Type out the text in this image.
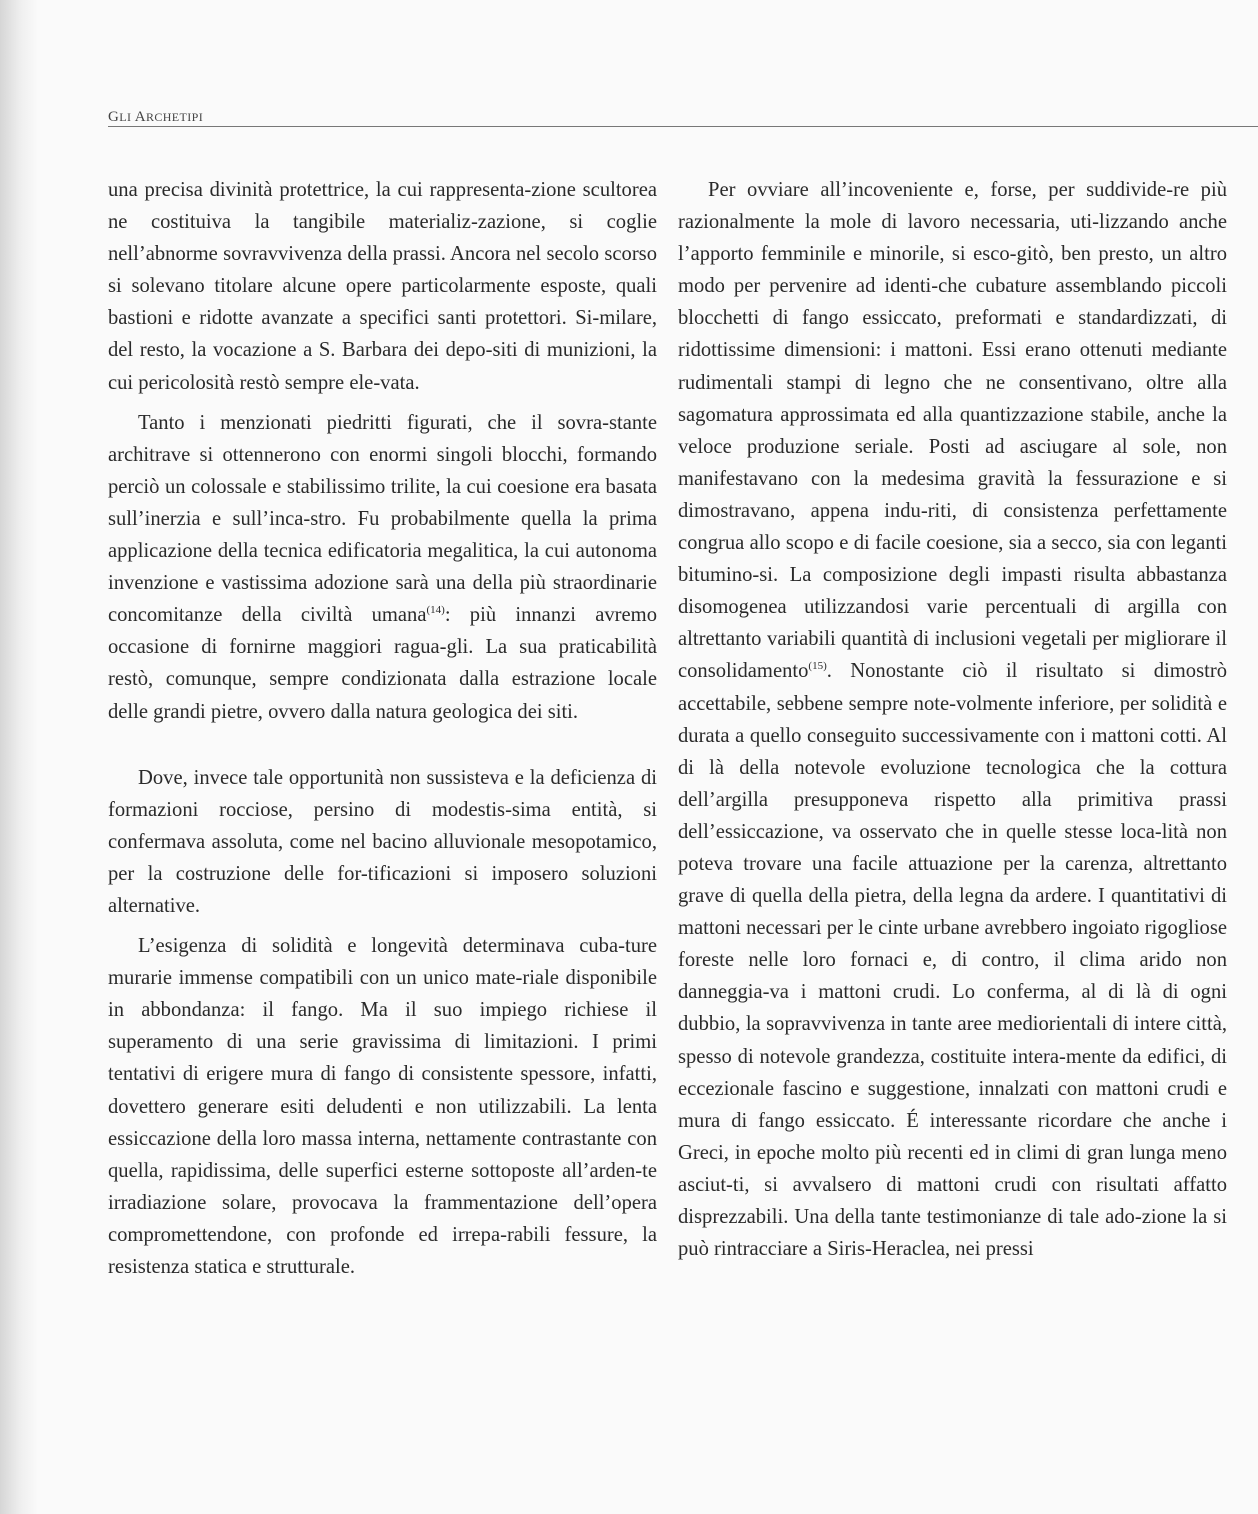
Gli Archetipi

una precisa divinità protettrice, la cui rappresenta-zione scultorea ne costituiva la tangibile materializ-zazione, si coglie nell’abnorme sovravvivenza della prassi. Ancora nel secolo scorso si solevano titolare alcune opere particolarmente esposte, quali bastioni e ridotte avanzate a specifici santi protettori. Si-milare, del resto, la vocazione a S. Barbara dei depo-siti di munizioni, la cui pericolosità restò sempre ele-vata.

Tanto i menzionati piedritti figurati, che il sovra-stante architrave si ottennerono con enormi singoli blocchi, formando perciò un colossale e stabilissimo trilite, la cui coesione era basata sull’inerzia e sull’inca-stro. Fu probabilmente quella la prima applicazione della tecnica edificatoria megalitica, la cui autonoma invenzione e vastissima adozione sarà una della più straordinarie concomitanze della civiltà umana$^{(14)}$: più innanzi avremo occasione di fornirne maggiori ragua-gli. La sua praticabilità restò, comunque, sempre condizionata dalla estrazione locale delle grandi pietre, ovvero dalla natura geologica dei siti.

Dove, invece tale opportunità non sussisteva e la deficienza di formazioni rocciose, persino di modestis-sima entità, si confermava assoluta, come nel bacino alluvionale mesopotamico, per la costruzione delle for-tificazioni si imposero soluzioni alternative.

L’esigenza di solidità e longevità determinava cuba-ture murarie immense compatibili con un unico mate-riale disponibile in abbondanza: il fango. Ma il suo impiego richiese il superamento di una serie gravissima di limitazioni. I primi tentativi di erigere mura di fango di consistente spessore, infatti, dovettero generare esiti deludenti e non utilizzabili. La lenta essiccazione della loro massa interna, nettamente contrastante con quella, rapidissima, delle superfici esterne sottoposte all’arden-te irradiazione solare, provocava la frammentazione dell’opera compromettendone, con profonde ed irrepa-rabili fessure, la resistenza statica e strutturale.

Per ovviare all’incoveniente e, forse, per suddivide-re più razionalmente la mole di lavoro necessaria, uti-lizzando anche l’apporto femminile e minorile, si esco-gitò, ben presto, un altro modo per pervenire ad identi-che cubature assemblando piccoli blocchetti di fango essiccato, preformati e standardizzati, di ridottissime dimensioni: i mattoni. Essi erano ottenuti mediante rudimentali stampi di legno che ne consentivano, oltre alla sagomatura approssimata ed alla quantizzazione stabile, anche la veloce produzione seriale. Posti ad asciugare al sole, non manifestavano con la medesima gravità la fessurazione e si dimostravano, appena indu-riti, di consistenza perfettamente congrua allo scopo e di facile coesione, sia a secco, sia con leganti bitumino-si. La composizione degli impasti risulta abbastanza disomogenea utilizzandosi varie percentuali di argilla con altrettanto variabili quantità di inclusioni vegetali per migliorare il consolidamento$^{(15)}$. Nonostante ciò il risultato si dimostrò accettabile, sebbene sempre note-volmente inferiore, per solidità e durata a quello conseguito successivamente con i mattoni cotti. Al di là della notevole evoluzione tecnologica che la cottura dell’argilla presupponeva rispetto alla primitiva prassi dell’essiccazione, va osservato che in quelle stesse loca-lità non poteva trovare una facile attuazione per la carenza, altrettanto grave di quella della pietra, della legna da ardere. I quantitativi di mattoni necessari per le cinte urbane avrebbero ingoiato rigogliose foreste nelle loro fornaci e, di contro, il clima arido non danneggia-va i mattoni crudi. Lo conferma, al di là di ogni dubbio, la sopravvivenza in tante aree mediorientali di intere città, spesso di notevole grandezza, costituite intera-mente da edifici, di eccezionale fascino e suggestione, innalzati con mattoni crudi e mura di fango essiccato. É interessante ricordare che anche i Greci, in epoche molto più recenti ed in climi di gran lunga meno asciut-ti, si avvalsero di mattoni crudi con risultati affatto disprezzabili. Una della tante testimonianze di tale ado-zione la si può rintracciare a Siris-Heraclea, nei pressi
